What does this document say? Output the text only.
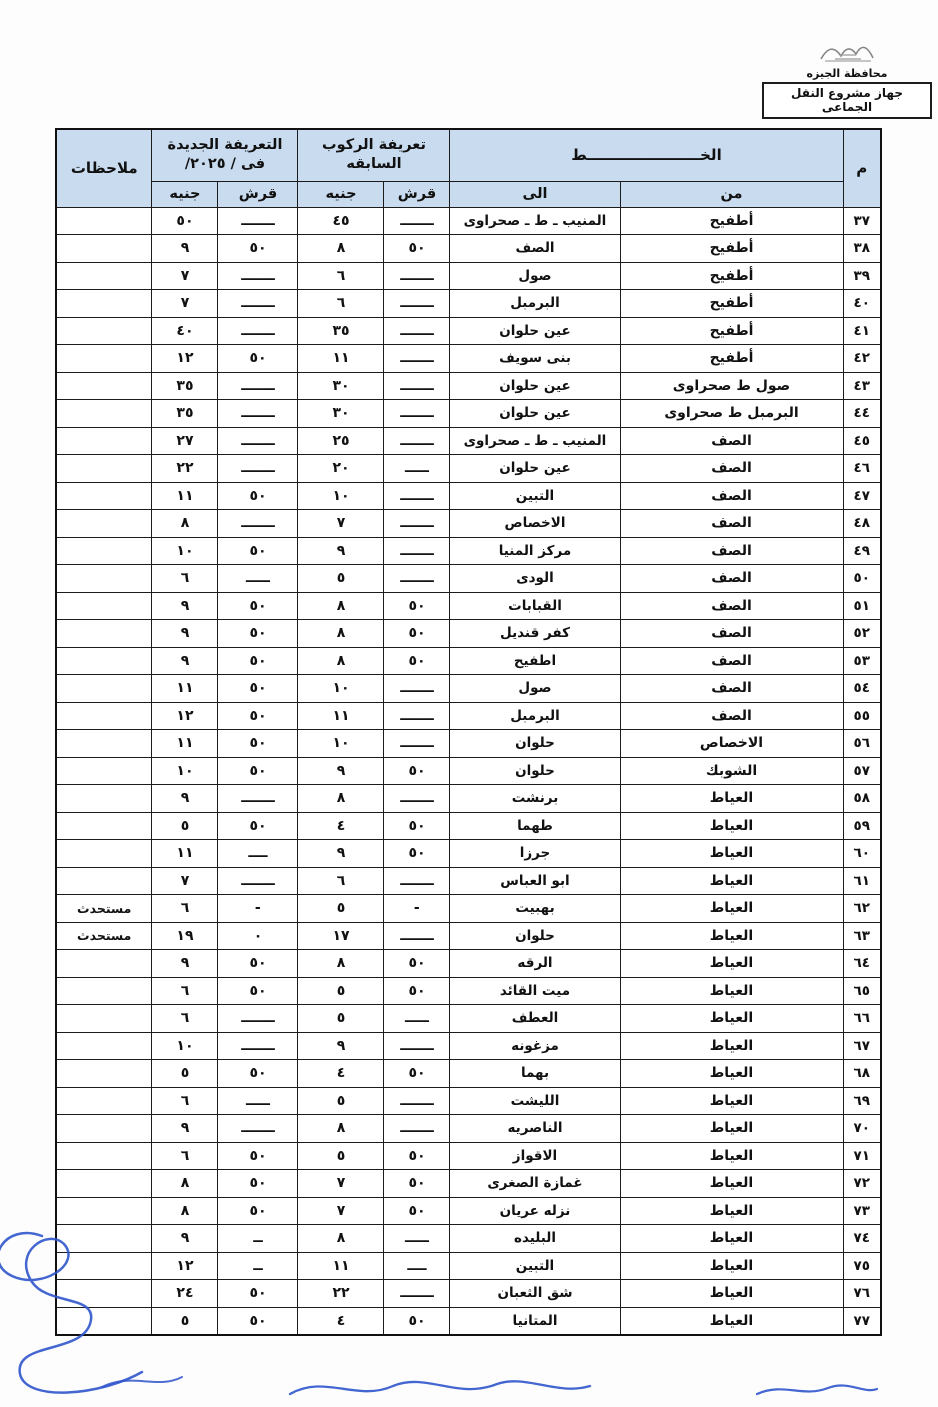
محافظة الجيزه
جهاز مشروع النقل الجماعى
م	الخــــــــــــــــــــــط	
تعريفة الركوب
السابقه

التعريفة الجديدة
فى / ٢٠٢٥/
	ملاحظات
	من	الى	قرش	جنيه	قرش	جنيه	
٣٧	أطفيح	المنيب ـ ط ـ صحراوى	ـــــــ	٤٥	ـــــــ	٥٠	
٣٨	أطفيح	الصف	٥٠	٨	٥٠	٩	
٣٩	أطفيح	صول	ـــــــ	٦	ـــــــ	٧	
٤٠	أطفيح	البرمبل	ـــــــ	٦	ـــــــ	٧	
٤١	أطفيح	عين حلوان	ـــــــ	٣٥	ـــــــ	٤٠	
٤٢	أطفيح	بنى سويف	ـــــــ	١١	٥٠	١٢	
٤٣	صول ط صحراوى	عين حلوان	ـــــــ	٣٠	ـــــــ	٣٥	
٤٤	البرمبل ط صحراوى	عين حلوان	ـــــــ	٣٠	ـــــــ	٣٥	
٤٥	الصف	المنيب ـ ط ـ صحراوى	ـــــــ	٢٥	ـــــــ	٢٧	
٤٦	الصف	عين حلوان	ـــــ	٢٠	ـــــــ	٢٢	
٤٧	الصف	التبين	ـــــــ	١٠	٥٠	١١	
٤٨	الصف	الاخصاص	ـــــــ	٧	ـــــــ	٨	
٤٩	الصف	مركز المنيا	ـــــــ	٩	٥٠	١٠	
٥٠	الصف	الودى	ـــــــ	٥	ـــــ	٦	
٥١	الصف	القبابات	٥٠	٨	٥٠	٩	
٥٢	الصف	كفر قنديل	٥٠	٨	٥٠	٩	
٥٣	الصف	اطفيح	٥٠	٨	٥٠	٩	
٥٤	الصف	صول	ـــــــ	١٠	٥٠	١١	
٥٥	الصف	البرمبل	ـــــــ	١١	٥٠	١٢	
٥٦	الاخصاص	حلوان	ـــــــ	١٠	٥٠	١١	
٥٧	الشوبك	حلوان	٥٠	٩	٥٠	١٠	
٥٨	العياط	برنشت	ـــــــ	٨	ـــــــ	٩	
٥٩	العياط	طهما	٥٠	٤	٥٠	٥	
٦٠	العياط	جرزا	٥٠	٩	ــــ	١١	
٦١	العياط	ابو العباس	ـــــــ	٦	ـــــــ	٧	
٦٢	العياط	بهبيت	-	٥	-	٦	مستحدث
٦٣	العياط	حلوان	ـــــــ	١٧	٠	١٩	مستحدث
٦٤	العياط	الرقه	٥٠	٨	٥٠	٩	
٦٥	العياط	ميت القائد	٥٠	٥	٥٠	٦	
٦٦	العياط	العطف	ـــــ	٥	ـــــــ	٦	
٦٧	العياط	مزغونه	ـــــــ	٩	ـــــــ	١٠	
٦٨	العياط	بهما	٥٠	٤	٥٠	٥	
٦٩	العياط	الليشت	ـــــــ	٥	ـــــ	٦	
٧٠	العياط	الناصريه	ـــــــ	٨	ـــــــ	٩	
٧١	العياط	الاقواز	٥٠	٥	٥٠	٦	
٧٢	العياط	غمازة الصغرى	٥٠	٧	٥٠	٨	
٧٣	العياط	نزله عريان	٥٠	٧	٥٠	٨	
٧٤	العياط	البليده	ـــــ	٨	ــ	٩	
٧٥	العياط	التبين	ــــ	١١	ــ	١٢	
٧٦	العياط	شق الثعبان	ـــــــ	٢٢	٥٠	٢٤	
٧٧	العياط	المتانيا	٥٠	٤	٥٠	٥	
